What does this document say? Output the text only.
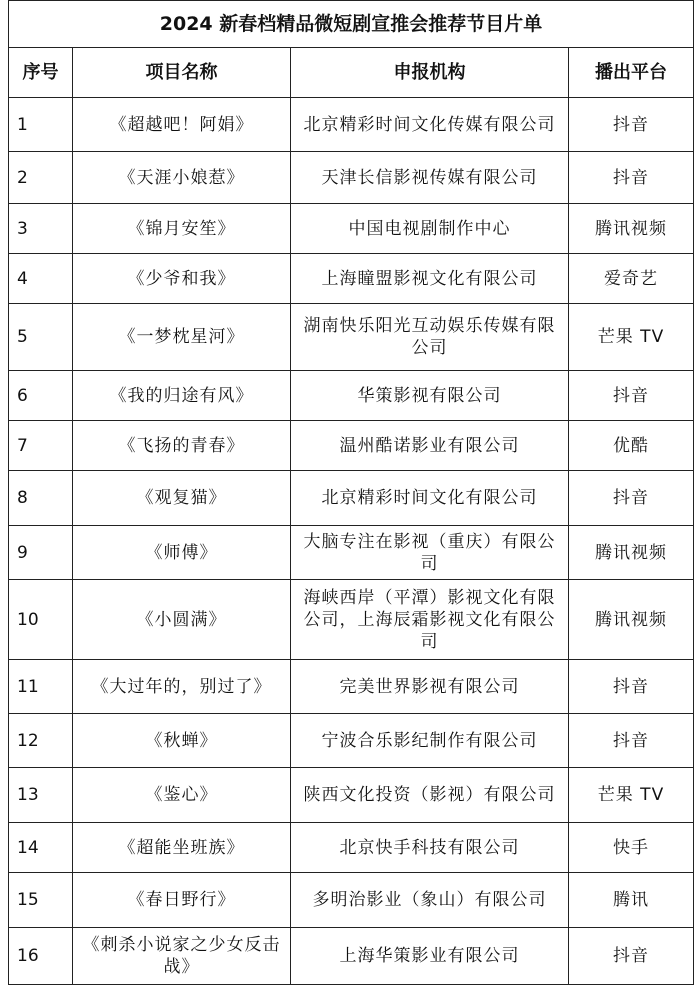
2024 新春档精品微短剧宣推会推荐节目片单			
序号	项目名称	申报机构	播出平台
1	《超越吧！阿娟》	北京精彩时间文化传媒有限公司	抖音
2	《天涯小娘惹》	天津长信影视传媒有限公司	抖音
3	《锦月安笙》	中国电视剧制作中心	腾讯视频
4	《少爷和我》	上海瞳盟影视文化有限公司	爱奇艺
5	《一梦枕星河》	湖南快乐阳光互动娱乐传媒有限公司	芒果 TV
6	《我的归途有风》	华策影视有限公司	抖音
7	《飞扬的青春》	温州酷诺影业有限公司	优酷
8	《观复猫》	北京精彩时间文化有限公司	抖音
9	《师傅》	大脑专注在影视（重庆）有限公司	腾讯视频
10	《小圆满》	海峡西岸（平潭）影视文化有限公司，上海辰霜影视文化有限公司	腾讯视频
11	《大过年的，别过了》	完美世界影视有限公司	抖音
12	《秋蝉》	宁波合乐影纪制作有限公司	抖音
13	《鉴心》	陕西文化投资（影视）有限公司	芒果 TV
14	《超能坐班族》	北京快手科技有限公司	快手
15	《春日野行》	多明治影业（象山）有限公司	腾讯
16	《刺杀小说家之少女反击战》	上海华策影业有限公司	抖音
